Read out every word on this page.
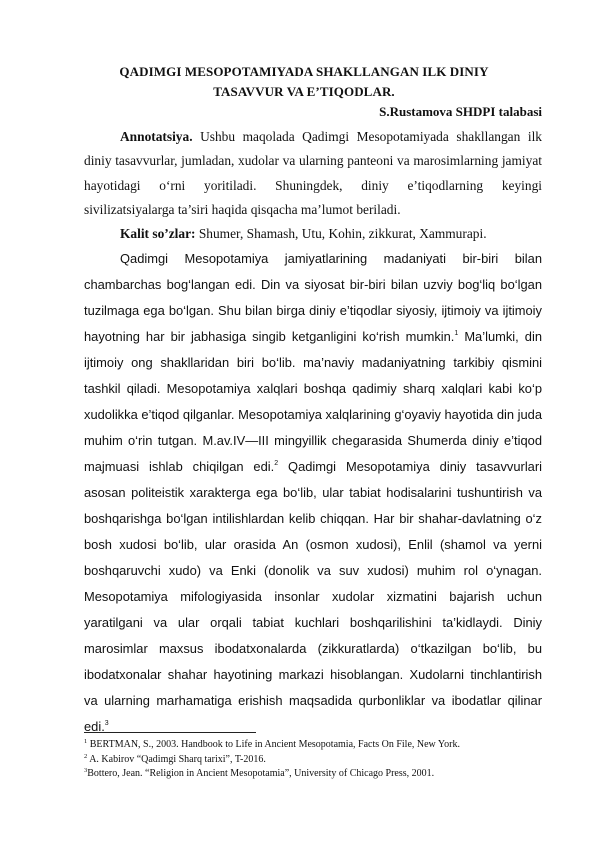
QADIMGI MESOPOTAMIYADA SHAKLLANGAN ILK DINIY
TASAVVUR VA E’TIQODLAR.
S.Rustamova SHDPI talabasi
Annotatsiya. Ushbu maqolada Qadimgi Mesopotamiyada shakllangan ilk diniy tasavvurlar, jumladan, xudolar va ularning panteoni va marosimlarning jamiyat hayotidagi o‘rni yoritiladi. Shuningdek, diniy e’tiqodlarning keyingi sivilizatsiyalarga ta’siri haqida qisqacha ma’lumot beriladi.
Kalit so’zlar: Shumer, Shamash, Utu, Kohin, zikkurat, Xammurapi.
Qadimgi Mesopotamiya jamiyatlarining madaniyati bir-biri bilan chambarchas bog‘langan edi. Din va siyosat bir-biri bilan uzviy bog‘liq bo‘lgan tuzilmaga ega bo‘lgan. Shu bilan birga diniy e’tiqodlar siyosiy, ijtimoiy va ijtimoiy hayotning har bir jabhasiga singib ketganligini ko‘rish mumkin.$^1$ Ma’lumki, din ijtimoiy ong shakllaridan biri bo‘lib. ma’naviy madaniyatning tarkibiy qismini tashkil qiladi. Mesopotamiya xalqlari boshqa qadimiy sharq xalqlari kabi ko‘p xudolikka e’tiqod qilganlar. Mesopotamiya xalqlarining g‘oyaviy hayotida din juda muhim o‘rin tutgan. M.av.IV—III mingyillik chegarasida Shumerda diniy e’tiqod majmuasi ishlab chiqilgan edi.$^2$ Qadimgi Mesopotamiya diniy tasavvurlari asosan politeistik xarakterga ega bo‘lib, ular tabiat hodisalarini tushuntirish va boshqarishga bo‘lgan intilishlardan kelib chiqqan. Har bir shahar-davlatning o‘z bosh xudosi bo‘lib, ular orasida An (osmon xudosi), Enlil (shamol va yerni boshqaruvchi xudo) va Enki (donolik va suv xudosi) muhim rol o‘ynagan. Mesopotamiya mifologiyasida insonlar xudolar xizmatini bajarish uchun yaratilgani va ular orqali tabiat kuchlari boshqarilishini ta’kidlaydi. Diniy marosimlar maxsus ibodatxonalarda (zikkuratlarda) o‘tkazilgan bo‘lib, bu ibodatxonalar shahar hayotining markazi hisoblangan. Xudolarni tinchlantirish va ularning marhamatiga erishish maqsadida qurbonliklar va ibodatlar qilinar edi.$^3$
$^1$ BERTMAN, S., 2003. Handbook to Life in Ancient Mesopotamia, Facts On File, New York.
$^2$ A. Kabirov “Qadimgi Sharq tarixi”, T-2016.
$^3$Bottero, Jean. “Religion in Ancient Mesopotamia”, University of Chicago Press, 2001.
